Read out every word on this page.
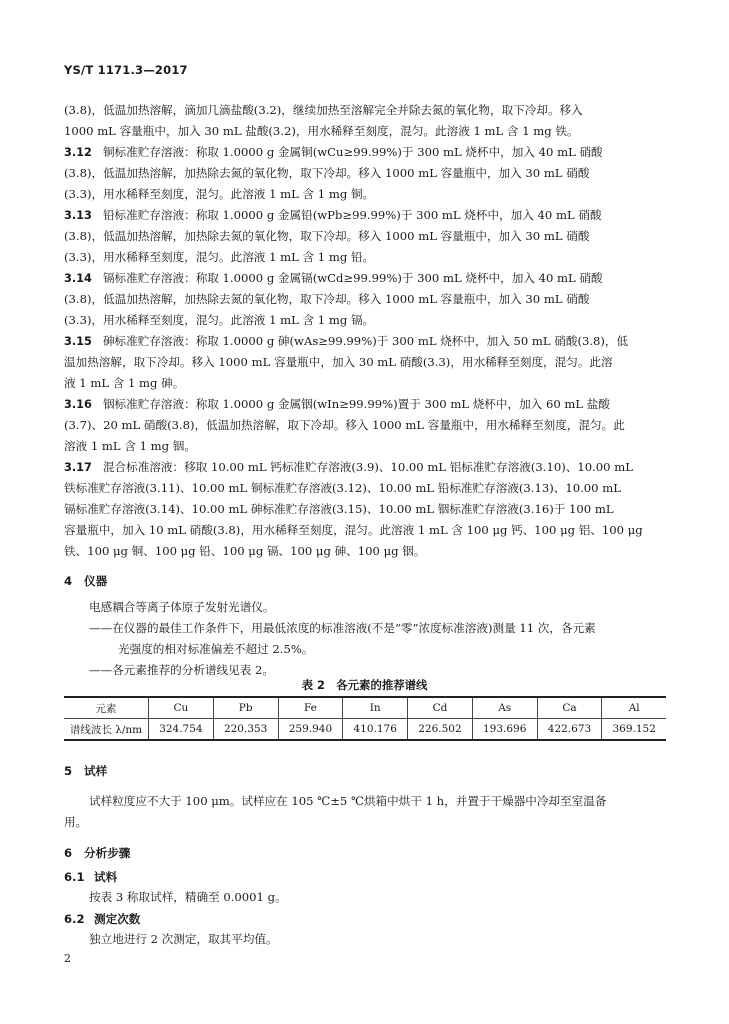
YS/T 1171.3—2017
(3.8)，低温加热溶解，滴加几滴盐酸(3.2)，继续加热至溶解完全并除去氮的氧化物，取下冷却。移入
1000 mL 容量瓶中，加入 30 mL 盐酸(3.2)，用水稀释至刻度，混匀。此溶液 1 mL 含 1 mg 铁。
3.12 铜标准贮存溶液：称取 1.0000 g 金属铜(wCu≥99.99%)于 300 mL 烧杯中，加入 40 mL 硝酸
(3.8)，低温加热溶解，加热除去氮的氧化物，取下冷却。移入 1000 mL 容量瓶中，加入 30 mL 硝酸
(3.3)，用水稀释至刻度，混匀。此溶液 1 mL 含 1 mg 铜。
3.13 铅标准贮存溶液：称取 1.0000 g 金属铅(wPb≥99.99%)于 300 mL 烧杯中，加入 40 mL 硝酸
(3.8)，低温加热溶解，加热除去氮的氧化物，取下冷却。移入 1000 mL 容量瓶中，加入 30 mL 硝酸
(3.3)，用水稀释至刻度，混匀。此溶液 1 mL 含 1 mg 铅。
3.14 镉标准贮存溶液：称取 1.0000 g 金属镉(wCd≥99.99%)于 300 mL 烧杯中，加入 40 mL 硝酸
(3.8)，低温加热溶解，加热除去氮的氧化物，取下冷却。移入 1000 mL 容量瓶中，加入 30 mL 硝酸
(3.3)，用水稀释至刻度，混匀。此溶液 1 mL 含 1 mg 镉。
3.15 砷标准贮存溶液：称取 1.0000 g 砷(wAs≥99.99%)于 300 mL 烧杯中，加入 50 mL 硝酸(3.8)，低
温加热溶解，取下冷却。移入 1000 mL 容量瓶中，加入 30 mL 硝酸(3.3)，用水稀释至刻度，混匀。此溶
液 1 mL 含 1 mg 砷。
3.16 铟标准贮存溶液：称取 1.0000 g 金属铟(wIn≥99.99%)置于 300 mL 烧杯中，加入 60 mL 盐酸
(3.7)、20 mL 硝酸(3.8)，低温加热溶解，取下冷却。移入 1000 mL 容量瓶中，用水稀释至刻度，混匀。此
溶液 1 mL 含 1 mg 铟。
3.17 混合标准溶液：移取 10.00 mL 钙标准贮存溶液(3.9)、10.00 mL 铝标准贮存溶液(3.10)、10.00 mL
铁标准贮存溶液(3.11)、10.00 mL 铜标准贮存溶液(3.12)、10.00 mL 铅标准贮存溶液(3.13)、10.00 mL
镉标准贮存溶液(3.14)、10.00 mL 砷标准贮存溶液(3.15)、10.00 mL 铟标准贮存溶液(3.16)于 100 mL
容量瓶中，加入 10 mL 硝酸(3.8)，用水稀释至刻度，混匀。此溶液 1 mL 含 100 μg 钙、100 μg 铝、100 μg
铁、100 μg 铜、100 μg 铅、100 μg 镉、100 μg 砷、100 μg 铟。
4 仪器
电感耦合等离子体原子发射光谱仪。
——在仪器的最佳工作条件下，用最低浓度的标准溶液(不是“零”浓度标准溶液)测量 11 次，各元素
光强度的相对标准偏差不超过 2.5%。
——各元素推荐的分析谱线见表 2。
表 2　各元素的推荐谱线
元素	Cu	Pb	Fe	In	Cd	As	Ca	Al
谱线波长 λ/nm	324.754	220.353	259.940	410.176	226.502	193.696	422.673	369.152
5 试样
试样粒度应不大于 100 μm。试样应在 105 ℃±5 ℃烘箱中烘干 1 h，并置于干燥器中冷却至室温备
用。
6 分析步骤
6.1 试料
按表 3 称取试样，精确至 0.0001 g。
6.2 测定次数
独立地进行 2 次测定，取其平均值。
2
